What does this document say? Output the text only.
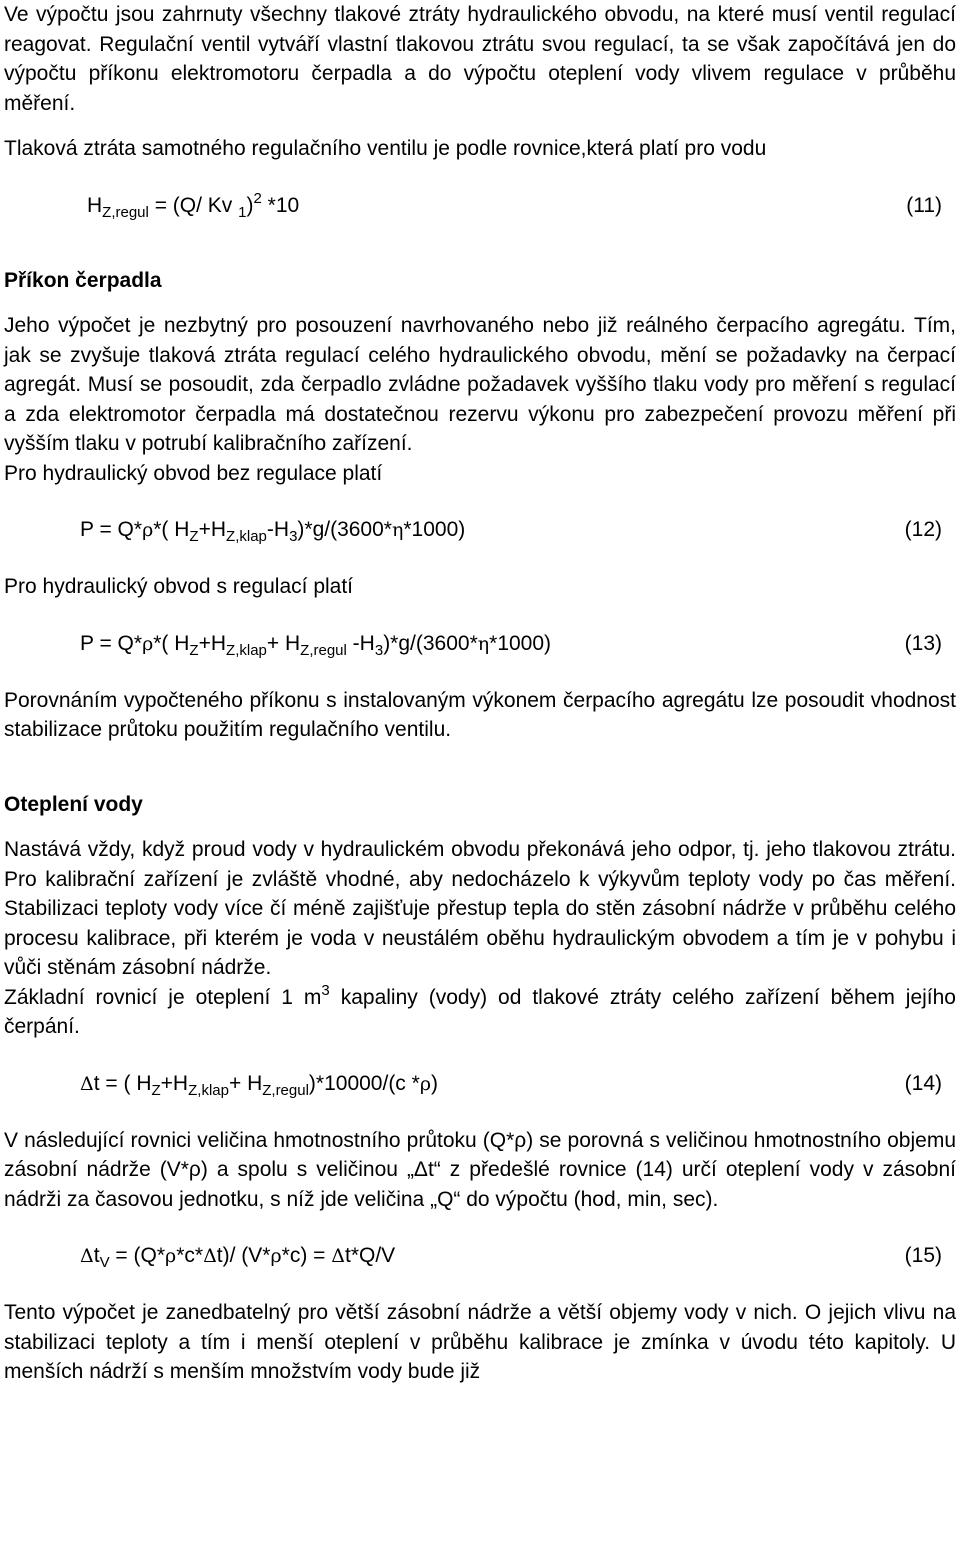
Ve výpočtu jsou zahrnuty všechny tlakové ztráty hydraulického obvodu, na které musí ventil regulací reagovat. Regulační ventil vytváří vlastní tlakovou ztrátu svou regulací, ta se však započítává jen do výpočtu příkonu elektromotoru čerpadla a do výpočtu oteplení vody vlivem regulace v průběhu měření.

Tlaková ztráta samotného regulačního ventilu je podle rovnice,která platí pro vodu

$H_{Z,regul} = (Q/$ Kv $_1$)$^2$ *10	(11)

Příkon čerpadla

Jeho výpočet je nezbytný pro posouzení navrhovaného nebo již reálného čerpacího agregátu. Tím, jak se zvyšuje tlaková ztráta regulací celého hydraulického obvodu, mění se požadavky na čerpací agregát. Musí se posoudit, zda čerpadlo zvládne požadavek vyššího tlaku vody pro měření s regulací a zda elektromotor čerpadla má dostatečnou rezervu výkonu pro zabezpečení provozu měření při vyšším tlaku v potrubí kalibračního zařízení.

Pro hydraulický obvod bez regulace platí

P = Q*ρ*( $H_Z+H_{Z,klap}-H_3)*g/(3600*\eta*1000)$	(12)

Pro hydraulický obvod s regulací platí

P = Q*ρ*( $H_Z+H_{Z,klap}+ H_{Z,regul}$ $-H_3)*g/(3600*\eta*1000)$	(13)

Porovnáním vypočteného příkonu s instalovaným výkonem čerpacího agregátu lze posoudit vhodnost stabilizace průtoku použitím regulačního ventilu.

Oteplení vody

Nastává vždy, když proud vody v hydraulickém obvodu překonává jeho odpor, tj. jeho tlakovou ztrátu. Pro kalibrační zařízení je zvláště vhodné, aby nedocházelo k výkyvům teploty vody po čas měření. Stabilizaci teploty vody více čí méně zajišťuje přestup tepla do stěn zásobní nádrže v průběhu celého procesu kalibrace, při kterém je voda v neustálém oběhu hydraulickým obvodem a tím je v pohybu i vůči stěnám zásobní nádrže.

Základní rovnicí je oteplení 1 $m^3$ kapaliny (vody) od tlakové ztráty celého zařízení během jejího čerpání.

Δt = ( $H_Z+H_{Z,klap}+ H_{Z,regul})*10000/(c$ *ρ)	(14)

V následující rovnici veličina hmotnostního průtoku (Q*ρ) se porovná s veličinou hmotnostního objemu zásobní nádrže (V*ρ) a spolu s veličinou „Δt“ z předešlé rovnice (14) určí oteplení vody v zásobní nádrži za časovou jednotku, s níž jde veličina „Q“ do výpočtu (hod, min, sec).

$\Delta t_V = (Q*\rho*c*\Delta t)/$ (V*ρ*c) = Δt*Q/V	(15)

Tento výpočet je zanedbatelný pro větší zásobní nádrže a větší objemy vody v nich. O jejich vlivu na stabilizaci teploty a tím i menší oteplení v průběhu kalibrace je zmínka v úvodu této kapitoly. U menších nádrží s menším množstvím vody bude již
